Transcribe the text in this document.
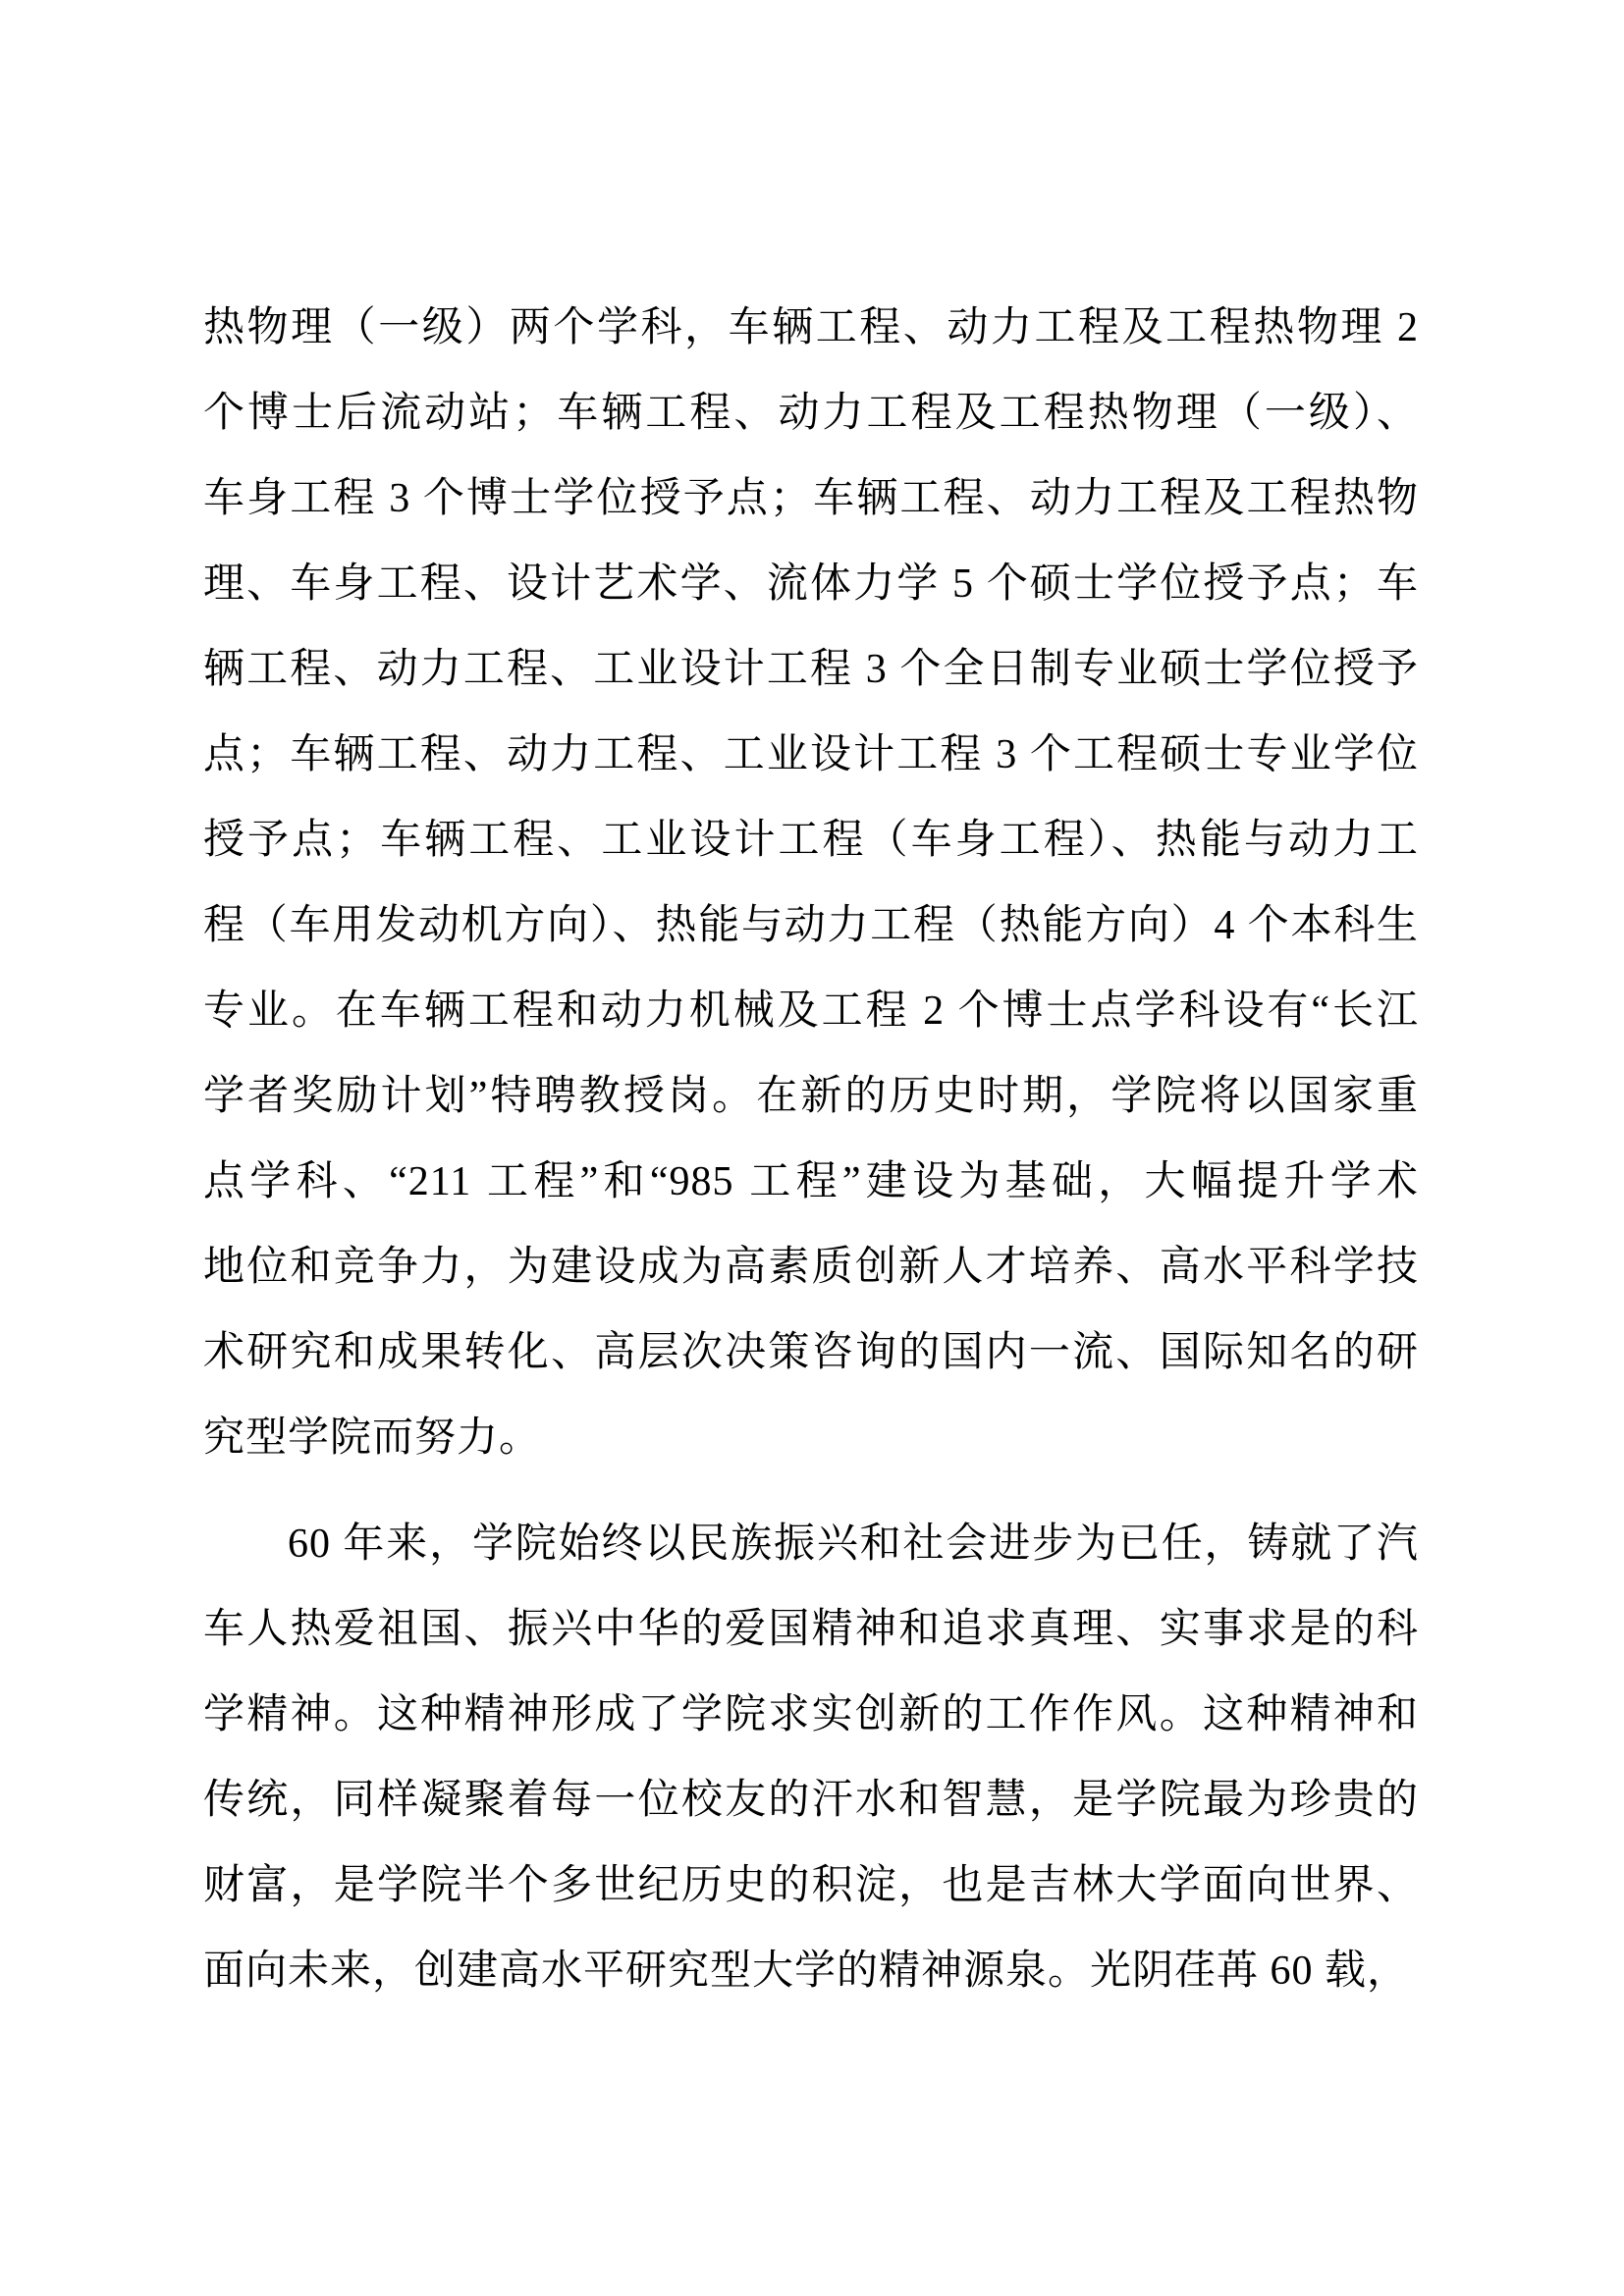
热物理（一级）两个学科，车辆工程、动力工程及工程热物理 2
个博士后流动站；车辆工程、动力工程及工程热物理（一级）、
车身工程 3 个博士学位授予点；车辆工程、动力工程及工程热物
理、车身工程、设计艺术学、流体力学 5 个硕士学位授予点；车
辆工程、动力工程、工业设计工程 3 个全日制专业硕士学位授予
点；车辆工程、动力工程、工业设计工程 3 个工程硕士专业学位
授予点；车辆工程、工业设计工程（车身工程）、热能与动力工
程（车用发动机方向）、热能与动力工程（热能方向）4 个本科生
专业。在车辆工程和动力机械及工程 2 个博士点学科设有“长江
学者奖励计划”特聘教授岗。在新的历史时期，学院将以国家重
点学科、“211 工程”和“985 工程”建设为基础，大幅提升学术
地位和竞争力，为建设成为高素质创新人才培养、高水平科学技
术研究和成果转化、高层次决策咨询的国内一流、国际知名的研
究型学院而努力。
60 年来，学院始终以民族振兴和社会进步为已任，铸就了汽
车人热爱祖国、振兴中华的爱国精神和追求真理、实事求是的科
学精神。这种精神形成了学院求实创新的工作作风。这种精神和
传统，同样凝聚着每一位校友的汗水和智慧，是学院最为珍贵的
财富，是学院半个多世纪历史的积淀，也是吉林大学面向世界、
面向未来，创建高水平研究型大学的精神源泉。光阴荏苒 60 载，
